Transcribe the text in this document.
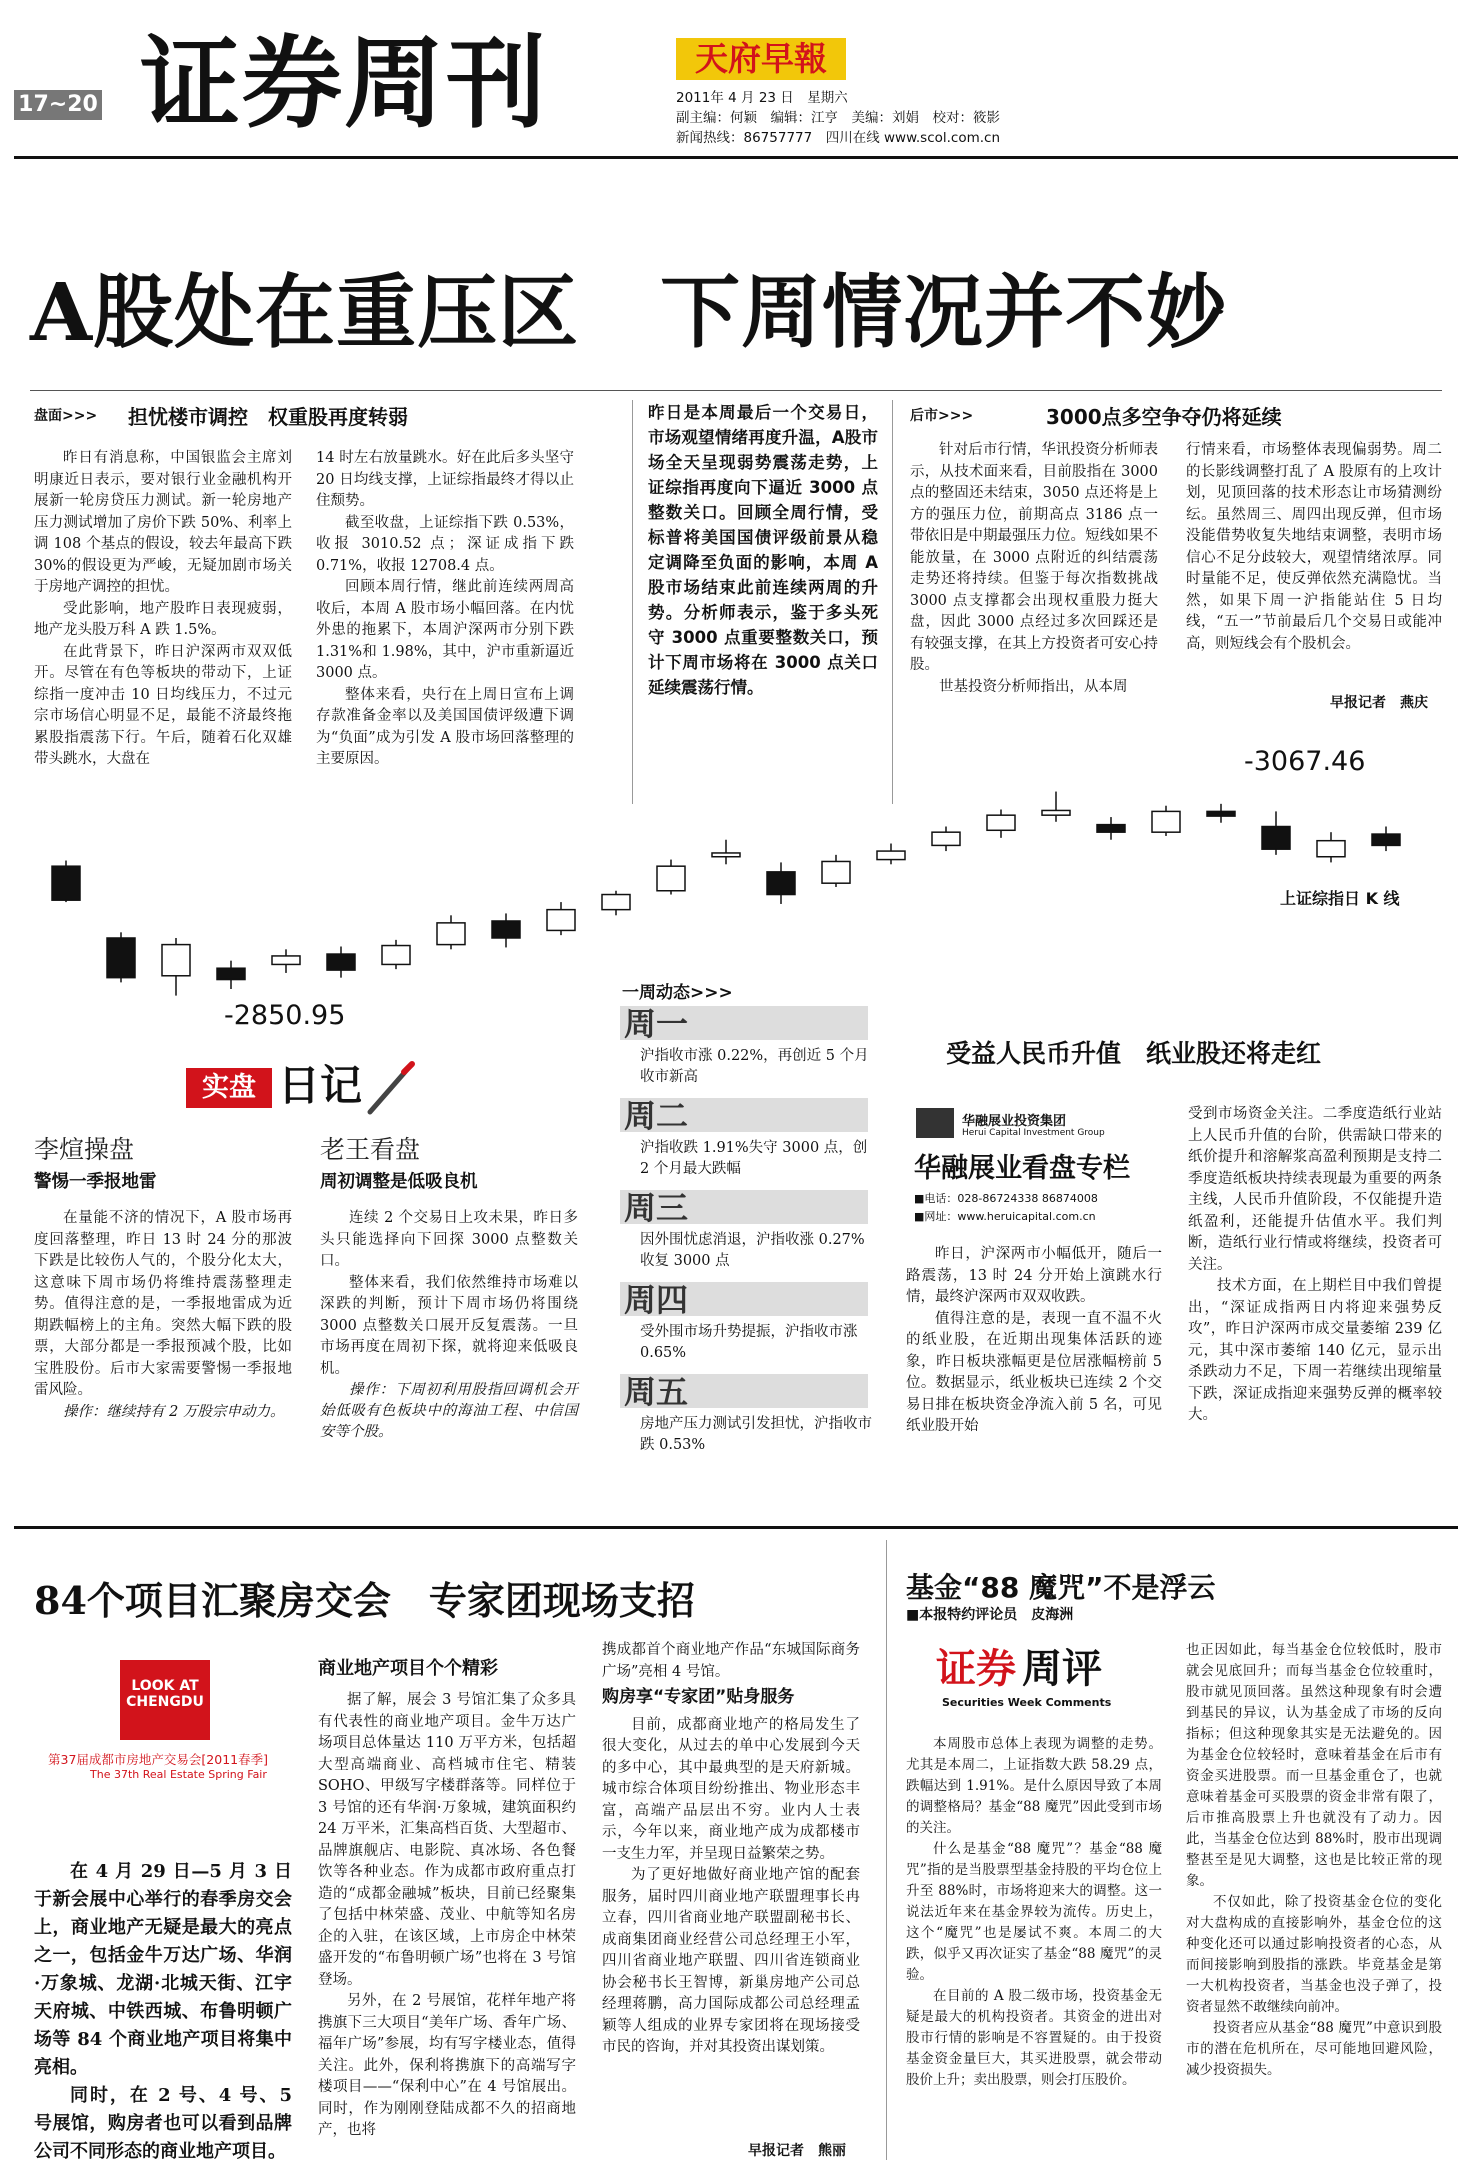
17~20 证券周刊	天府早報
2011年 4 月 23 日　星期六
副主编：何颖　编辑：江亨　美编：刘娟　校对：筱影
新闻热线：86757777　四川在线 www.scol.com.cn
A股处在重压区　下周情况并不妙
盘面>>> 担忧楼市调控　权重股再度转弱

昨日有消息称，中国银监会主席刘明康近日表示，要对银行业金融机构开展新一轮房贷压力测试。新一轮房地产压力测试增加了房价下跌 50%、利率上调 108 个基点的假设，较去年最高下跌 30%的假设更为严峻，无疑加剧市场关于房地产调控的担忧。

受此影响，地产股昨日表现疲弱，地产龙头股万科 A 跌 1.5%。

在此背景下，昨日沪深两市双双低开。尽管在有色等板块的带动下，上证综指一度冲击 10 日均线压力，不过元宗市场信心明显不足，最能不济最终拖累股指震荡下行。午后，随着石化双雄带头跳水，大盘在

14 时左右放量跳水。好在此后多头坚守 20 日均线支撑，上证综指最终才得以止住颓势。

截至收盘，上证综指下跌 0.53%，收报 3010.52 点；深证成指下跌 0.71%，收报 12708.4 点。

回顾本周行情，继此前连续两周高收后，本周 A 股市场小幅回落。在内忧外患的拖累下，本周沪深两市分别下跌 1.31%和 1.98%，其中，沪市重新逼近 3000 点。

整体来看，央行在上周日宣布上调存款准备金率以及美国国债评级遭下调为“负面”成为引发 A 股市场回落整理的主要原因。

昨日是本周最后一个交易日，市场观望情绪再度升温，A股市场全天呈现弱势震荡走势，上证综指再度向下逼近 3000 点整数关口。回顾全周行情，受标普将美国国债评级前景从稳定调降至负面的影响，本周 A 股市场结束此前连续两周的升势。分析师表示，鉴于多头死守 3000 点重要整数关口，预计下周市场将在 3000 点关口延续震荡行情。
后市>>>	3000点多空争夺仍将延续

针对后市行情，华讯投资分析师表示，从技术面来看，目前股指在 3000 点的整固还未结束，3050 点还将是上方的强压力位，前期高点 3186 点一带依旧是中期最强压力位。短线如果不能放量，在 3000 点附近的纠结震荡走势还将持续。但鉴于每次指数挑战 3000 点支撑都会出现权重股力挺大盘，因此 3000 点经过多次回踩还是有较强支撑，在其上方投资者可安心持股。

世基投资分析师指出，从本周

行情来看，市场整体表现偏弱势。周二的长影线调整打乱了 A 股原有的上攻计划，见顶回落的技术形态让市场猜测纷纭。虽然周三、周四出现反弹，但市场没能借势收复失地结束调整，表明市场信心不足分歧较大，观望情绪浓厚。同时量能不足，使反弹依然充满隐忧。当然，如果下周一沪指能站住 5 日均线，“五一”节前最后几个交易日或能冲高，则短线会有个股机会。

早报记者　燕庆
-3067.46
-2850.95
上证综指日 K 线
一周动态>>>
周一
沪指收市涨 0.22%，再创近 5 个月收市新高
周二
沪指收跌 1.91%失守 3000 点，创 2 个月最大跌幅
周三
因外围忧虑消退，沪指收涨 0.27%收复 3000 点
周四
受外围市场升势提振，沪指收市涨 0.65%
周五
房地产压力测试引发担忧，沪指收市跌 0.53%
实盘 日记
李煊操盘
警惕一季报地雷

在量能不济的情况下，A 股市场再度回落整理，昨日 13 时 24 分的那波下跌是比较伤人气的，个股分化太大，这意味下周市场仍将维持震荡整理走势。值得注意的是，一季报地雷成为近期跌幅榜上的主角。突然大幅下跌的股票，大部分都是一季报预减个股，比如宝胜股份。后市大家需要警惕一季报地雷风险。

操作：继续持有 2 万股宗申动力。

老王看盘
周初调整是低吸良机

连续 2 个交易日上攻未果，昨日多头只能选择向下回探 3000 点整数关口。

整体来看，我们依然维持市场难以深跌的判断，预计下周市场仍将围绕 3000 点整数关口展开反复震荡。一旦市场再度在周初下探，就将迎来低吸良机。

操作：下周初利用股指回调机会开始低吸有色板块中的海油工程、中信国安等个股。

受益人民币升值　纸业股还将走红
华融展业投资集团
Herui Capital Investment Group
华融展业看盘专栏
■电话：028-86724338 86874008
■网址：www.heruicapital.com.cn

昨日，沪深两市小幅低开，随后一路震荡，13 时 24 分开始上演跳水行情，最终沪深两市双双收跌。

值得注意的是，表现一直不温不火的纸业股，在近期出现集体活跃的迹象，昨日板块涨幅更是位居涨幅榜前 5 位。数据显示，纸业板块已连续 2 个交易日排在板块资金净流入前 5 名，可见纸业股开始

受到市场资金关注。二季度造纸行业站上人民币升值的台阶，供需缺口带来的纸价提升和溶解浆高盈利预期是支持二季度造纸板块持续表现最为重要的两条主线，人民币升值阶段，不仅能提升造纸盈利，还能提升估值水平。我们判断，造纸行业行情或将继续，投资者可关注。

技术方面，在上期栏目中我们曾提出，“深证成指两日内将迎来强势反攻”，昨日沪深两市成交量萎缩 239 亿元，其中深市萎缩 140 亿元，显示出杀跌动力不足，下周一若继续出现缩量下跌，深证成指迎来强势反弹的概率较大。

84个项目汇聚房交会　专家团现场支招
LOOK AT CHENGDU
第37届成都市房地产交易会[2011春季]
The 37th Real Estate Spring Fair

在 4 月 29 日—5 月 3 日于新会展中心举行的春季房交会上，商业地产无疑是最大的亮点之一，包括金牛万达广场、华润·万象城、龙湖·北城天街、江宇天府城、中铁西城、布鲁明顿广场等 84 个商业地产项目将集中亮相。

同时，在 2 号、4 号、5 号展馆，购房者也可以看到品牌公司不同形态的商业地产项目。

商业地产项目个个精彩

据了解，展会 3 号馆汇集了众多具有代表性的商业地产项目。金牛万达广场项目总体量达 110 万平方米，包括超大型高端商业、高档城市住宅、精装 SOHO、甲级写字楼群落等。同样位于 3 号馆的还有华润·万象城，建筑面积约 24 万平米，汇集高档百货、大型超市、品牌旗舰店、电影院、真冰场、各色餐饮等各种业态。作为成都市政府重点打造的“成都金融城”板块，目前已经聚集了包括中林荣盛、茂业、中航等知名房企的入驻，在该区域，上市房企中林荣盛开发的“布鲁明顿广场”也将在 3 号馆登场。

另外，在 2 号展馆，花样年地产将携旗下三大项目“美年广场、香年广场、福年广场”参展，均有写字楼业态，值得关注。此外，保利将携旗下的高端写字楼项目——“保利中心”在 4 号馆展出。同时，作为刚刚登陆成都不久的招商地产，也将

携成都首个商业地产作品“东城国际商务广场”亮相 4 号馆。

购房享“专家团”贴身服务

目前，成都商业地产的格局发生了很大变化，从过去的单中心发展到今天的多中心，其中最典型的是天府新城。城市综合体项目纷纷推出、物业形态丰富，高端产品层出不穷。业内人士表示，今年以来，商业地产成为成都楼市一支生力军，并呈现日益繁荣之势。

为了更好地做好商业地产馆的配套服务，届时四川商业地产联盟理事长冉立春，四川省商业地产联盟副秘书长、成商集团商业经营公司总经理王小军，四川省商业地产联盟、四川省连锁商业协会秘书长王智博，新巢房地产公司总经理蒋鹏，高力国际成都公司总经理孟颖等人组成的业界专家团将在现场接受市民的咨询，并对其投资出谋划策。

早报记者　熊丽
基金“88 魔咒”不是浮云
■本报特约评论员　皮海洲
证券 周评
Securities Week Comments

本周股市总体上表现为调整的走势。尤其是本周二，上证指数大跌 58.29 点，跌幅达到 1.91%。是什么原因导致了本周的调整格局？基金“88 魔咒”因此受到市场的关注。

什么是基金“88 魔咒”？基金“88 魔咒”指的是当股票型基金持股的平均仓位上升至 88%时，市场将迎来大的调整。这一说法近年来在基金界较为流传。历史上，这个“魔咒”也是屡试不爽。本周二的大跌，似乎又再次证实了基金“88 魔咒”的灵验。

在目前的 A 股二级市场，投资基金无疑是最大的机构投资者。其资金的进出对股市行情的影响是不容置疑的。由于投资基金资金量巨大，其买进股票，就会带动股价上升；卖出股票，则会打压股价。

也正因如此，每当基金仓位较低时，股市就会见底回升；而每当基金仓位较重时，股市就见顶回落。虽然这种现象有时会遭到基民的异议，认为基金成了市场的反向指标；但这种现象其实是无法避免的。因为基金仓位较轻时，意味着基金在后市有资金买进股票。而一旦基金重仓了，也就意味着基金可买股票的资金非常有限了，后市推高股票上升也就没有了动力。因此，当基金仓位达到 88%时，股市出现调整甚至是见大调整，这也是比较正常的现象。

不仅如此，除了投资基金仓位的变化对大盘构成的直接影响外，基金仓位的这种变化还可以通过影响投资者的心态，从而间接影响到股指的涨跌。毕竟基金是第一大机构投资者，当基金也没子弹了，投资者显然不敢继续向前冲。

投资者应从基金“88 魔咒”中意识到股市的潜在危机所在，尽可能地回避风险，减少投资损失。
